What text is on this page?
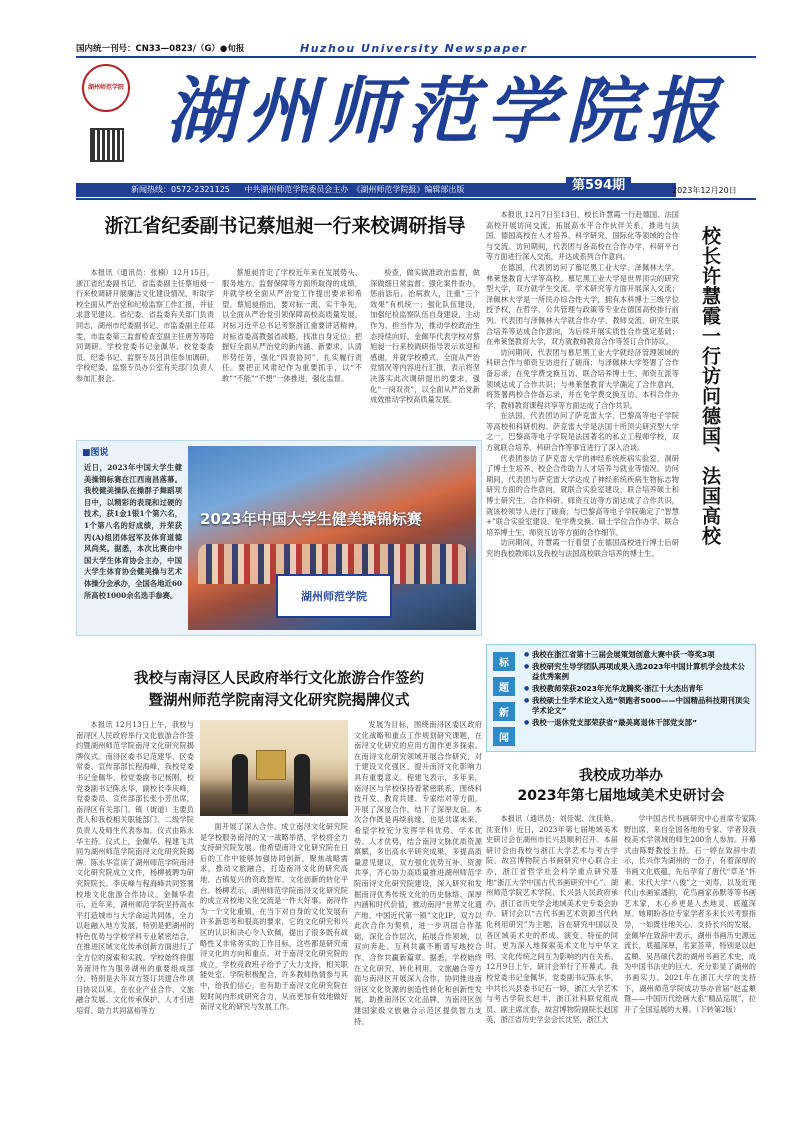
国内统一刊号：CN33—0823/（G）●旬报	Huzhou University Newspaper
湖州师范学院 湖州师范学院报
新闻热线：0572-2321125 中共湖州师范学院委员会主办　《湖州师范学院报》编辑部出版	第594期	2023年12月20日
浙江省纪委副书记蔡旭昶一行来校调研指导

本报讯（通讯员：张楠）12月15日，浙江省纪委副书记、省监委副主任蔡旭昶一行来校调研开展廉洁文化建设情况，听取学校全面从严治党和纪检监察工作汇报，并征求意见建议。省纪委、省监委有关部门负责同志，湖州市纪委副书记、市监委副主任邓雯，市监委第三监督检查室副主任唐芳等陪同调研。学校党委书记金佩华、校党委委员、纪委书记、监察专员吕洪佳参加调研，学校纪委、监察专员办公室有关部门负责人参加汇报会。

蔡旭昶肯定了学校近年来在发展势头、服务地方、监督保障等方面所取得的成绩，并就学校全面从严治党工作提出要求和希望。蔡旭昶指出，要对标一流、实干争先，以全面从严治党引领保障高校高质量发展，对标习近平总书记考察浙江重要讲话精神，对标省委高教强省战略，找准自身定位；把握好全面从严治党的新内涵、新要求，认清形势任务，强化“四责协同”，扎实履行责任。要把正风肃纪作为重要抓手，以“不敢”“不能”“不想”一体推进，强化监督。

检查，做实做准政治监督，做深做细日常监督；强化案件查办，惩前毖后，治病救人，注重“三个效果”有机统一；强化队伍建设，加强纪检监察队伍自身建设，主动作为、担当作为，推动学校政治生态持续向好。金佩华代表学校对蔡旭昶一行来校调研指导表示欢迎和感谢，并就学校模式、全面从严治党情况等内容进行汇报，表示将坚决落实此次调研提出的要求，强化“一岗双责”，以全面从严治党新成效推动学校高质量发展。

■图说
近日，2023年中国大学生健美操锦标赛在江西南昌落幕。我校健美操队在操群子舞蹈项目中，以精彩的表现和过硬的技术，获1金1银1个第六名，1个第八名的好成绩，并荣获丙(A)组团体冠军及体育道德风尚奖。据悉，本次比赛由中国大学生体育协会主办，中国大学生体育协会健美操与艺术体操分会承办，全国各地近60所高校1000余名选手参赛。
2023年中国大学生健美操锦标赛
湖州师范学院

本报讯 12月7日至13日，校长许慧霞一行赴德国、法国高校开展访问交流，拓展高水平合作伙伴关系，推进与法国、德国高校在人才培养、科学研究、国际化等领域的合作与交流。访问期间，代表团与各高校在合作办学、科研平台等方面进行深入交流，并达成系列合作意向。

在德国，代表团访问了慕尼黑工业大学、泽佩林大学、弗莱堡教育大学等高校。慕尼黑工业大学是世界顶尖的研究型大学，双方就学生交流、学术研究等方面开展深入交流；泽佩林大学是一所民办综合性大学，拥有本科博士三级学位授予权，在哲学、公共管理与政策等专业在德国高校排行前列。代表团与泽佩林大学就合作办学、教师交流、研究生联合培养等达成合作意向，为后续开展实质性合作奠定基础；在弗莱堡教育大学，双方就教师教育合作等签订合作协议。

访问期间，代表团与慕尼黑工业大学就经济管理领域的科研合作与师资互访进行了磋商；与泽佩林大学签署了合作备忘录，在免学费交换互访、联合培养博士生、师资互派等领域达成了合作共识；与弗莱堡教育大学确定了合作意向，将签署两校合作备忘录，并在免学费交换互访、本科合作办学、教师教育课程共享等方面达成了合作共识。

在法国，代表团访问了萨克雷大学、巴黎高等电子学院等高校和科研机构。萨克雷大学是法国十所顶尖研究型大学之一，巴黎高等电子学院是法国著名的私立工程师学校，双方就联合培养、科研合作等事宜进行了深入洽谈。

代表团参访了萨克雷大学的神经系统疾病实验室，洞研了博士生培养、校企合作助力人才培养与就业等情况。访问期间，代表团与萨克雷大学达成了神经系统疾病生物标志物研究方面的合作意向，就联合实验室建设、联合培养硕士和博士研究生、合作科研、师资互访等方面达成了合作共识，就该校领导人进行了磋商；与巴黎高等电子学院确定了“智慧+”联合实验室建设、免学费交换、硕士学位合作办学、联合培养博士生、师资互访等方面的合作细节。

访问期间，许慧霞一行看望了在德国高校进行博士后研究的我校教师以及我校与法国高校联合培养的博士生。

校长许慧霞一行访问德国、法国高校
标
题
新
闻
● 我校在浙江省第十三届会展策划创意大赛中获一等奖3项
● 我校研究生导学团队再项成果入选2023年中国计算机学会技术公益优秀案例
● 我校教师荣获2023年光华龙腾奖·浙江十大杰出青年
● 我校硕士生学术论文入选“领跑者5000——中国精品科技期刊顶尖学术论文”
● 我校一退休党支部荣获省“最美离退休干部党支部”
我校与南浔区人民政府举行文化旅游合作签约
暨湖州师范学院南浔文化研究院揭牌仪式

本报讯 12月13日上午，我校与南浔区人民政府举行文化旅游合作签约暨湖州师范学院南浔文化研究院揭牌仪式。南浔区委书记范建华、区委常委、宣传部部长程海峰，我校党委书记金佩华、校党委副书记杨刚，校党委副书记陈永华，副校长李庆峰，党委委员、宣传部部长张小芳出席，南浔区有关部门、镇（街道）主要负责人和我校相关职能部门、二级学院负责人及师生代表参加。仪式由陈永华主持。仪式上，金佩华、程建飞共同为湖州师范学院南浔文化研究院揭牌。陈永华宣读了湖州师范学院南浔文化研究院成立文件，杨柳被聘为研究院院长。李庆峰与程海峰共同签署校地文化旅游合作协议。金佩华表示，近年来，湖州师范学院坚持高水平打造城市与大学命运共同体，全力以赴融入地方发展，特别是把湖州的特色优势与学校学科专业紧密结合，在推进区域文化传承创新方面进行了全方位的探索和实践。学校始终将服务南浔作为服务湖州的重要组成部分，特别是去年双方签订共建合作项目协议以来，在农业产业合作、文旅融合发展、文化传承保护、人才引进培育、助力共同富裕等方

面开展了深入合作。成立南浔文化研究院是学校服务南浔的又一战略举措，学校将全力支持研究院发展。他希望南浔文化研究院在日后的工作中能够加强协同创新，聚焦战略需求，推动文旅融合，打造南浔文化的研究高地、古镇复兴的资政智库、文化创新的转化平台。杨柳表示，湖州师范学院南浔文化研究院的成立对校地文化交流是一件大好事。南浔作为一个文化重镇，在当下对自身的文化发展有许多新思考和很高的要求，它的文化研究和兴区的认识和决心令人钦佩，提出了很多既有战略性又非常务实的工作目标，这些都是研究南浔文化的方向和重点。对于南浔文化研究院的成立，学校竞政班子给予了大力支持，相关职能处室、学院积极配合，许多教师热情参与其中，给我们信心，也有助于南浔文化研究院在短时间内形成研究合力，从而更加有效地做好南浔文化的研究与发展工作。

发展为目标，围绕南浔区委区政府文化战略和重点工作规划研究课题，在南浔文化研究的应用方面作更多探索。在南浔文化研究领域开展合作研究，对于建设文化强区，提升南浔文化影响力具有重要意义。程建飞表示，多年来，南浔区与学校保持着紧密联系，围绕科技开发、教育共建、专家结对等方面，开展了深度合作，结下了深厚友谊。本次合作既是再续前缘，也是共谋未来。希望学校充分发挥学科优势、学术优势、人才优势，结合南浔文脉优质资源禀赋，多出高水平研究成果，多提高质量意见建议，双方强化优势互补、资源共享，齐心协力高质量推进湖州师范学院南浔文化研究院建设，深入研究和发掘南浔优秀传统文化的历史脉络、深厚内涵和时代价值，推动南浔“世界文化遗产地、中国近代第一镇”文化IP，双方以此次合作为契机，进一步巩固合作基础，深化合作层次，拓展合作领域，以双向奔赴、互利共赢不断谱写地校合作、合作共赢新篇章。据悉，学校始终在文化研究、转化利用、文旅融合等方面与南浔区开展深入合作，协同推进南浔区文化资源的创造性转化和创新性发展，助推南浔区文化品牌，为南浔区创建国家级文旅融合示范区提供智力支持。

我校成功举办
2023年第七届地域美术史研讨会

本报讯（通讯员：刘佳妮、沈佳艳、沈亚伟）近日，2023年第七届地域美术史研讨会在湖州市长兴县顺利召开。本届研讨会由我校与浙江大学艺术与考古学院、故宫博物院古书画研究中心联合主办，浙江省哲学社会科学重点研究基地“浙江大学中国古代书画研究中心”、湖州师范学院艺术学院、长兴县人民政府承办，浙江省历史学会地域美术史专委会协办。研讨会以“古代书画艺术资源当代转化利用研究”为主题，旨在研究中国以及各区域美术史的形成、演变、特征的同时，更为深入地探索美术文化与中华文明、文化传统之间互为影响的内在关系。12月9日上午，研讨会举行了开幕式。我校党委书记金佩华，党委副书记陈永华，中共长兴县委书记石一婷，浙江大学艺术与考古学院长赵丰，浙江社科联党组成员、副主席沈春，故宫博物院副院长赵国英，浙江省历史学会会长沈坚，浙江大

学中国古代书画研究中心首席专家陈野出席，来自全国各地的专家、学者及我校美术学领域的师生200余人参加。开幕式由陈野教授主持。石一婷在致辞中表示，长兴作为湖州的一份子，有着深厚的书画文化底蕴，先后孕育了唐代“草圣”怀素、宋代大学“八俊”之一刘寿，以及近现代山水画家潘韵，花鸟画家孙默等等书画艺术家，木心乡更是人杰地灵、底蕴深厚。她期盼各位专家学者多来长兴考察指导，一如既往地关心、支持长兴的发展。金佩华在致辞中表示，湖州书画历史源远流长，底蕴深厚，名家荟萃，特别是以赵孟頫、吴昌硕代表的湖州书画艺术史，成为中国书法史的巨大、充分彰显了湖州的书画实力。2021年在浙江大学的支持下，湖州师范学院成功举办首届“赵孟頫暨——中国历代绘画大系”精品巡展”，拉开了全国巡展的大幕。（下转第2版）
